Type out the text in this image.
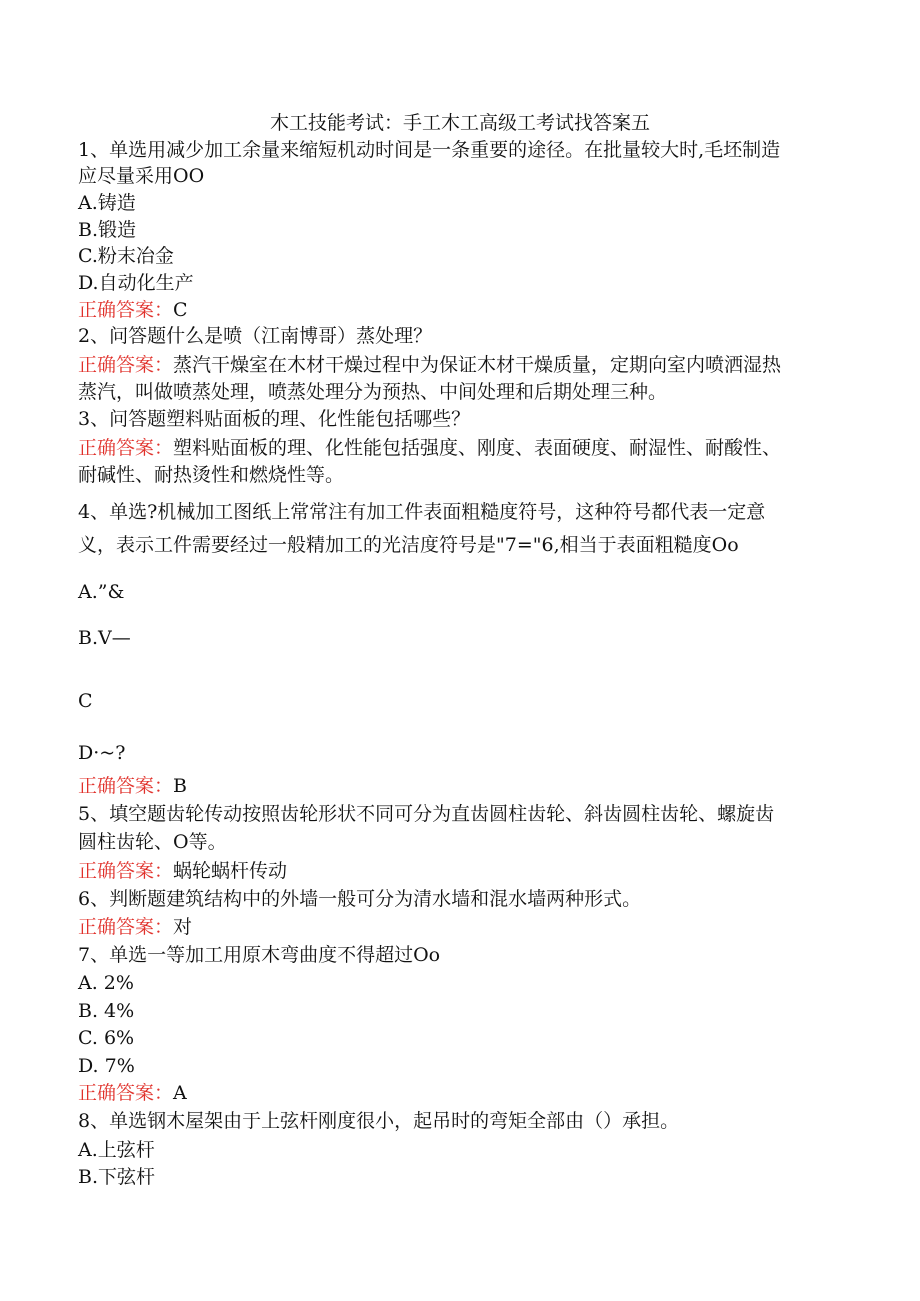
木工技能考试：手工木工高级工考试找答案五
1、单选用减少加工余量来缩短机动时间是一条重要的途径。在批量较大时,毛坯制造
应尽量采用OO
A.铸造
B.锻造
C.粉末冶金
D.自动化生产
正确答案：C
2、问答题什么是喷（江南博哥）蒸处理？
正确答案：蒸汽干燥室在木材干燥过程中为保证木材干燥质量，定期向室内喷洒湿热
蒸汽，叫做喷蒸处理，喷蒸处理分为预热、中间处理和后期处理三种。
3、问答题塑料贴面板的理、化性能包括哪些？
正确答案：塑料贴面板的理、化性能包括强度、刚度、表面硬度、耐湿性、耐酸性、
耐碱性、耐热烫性和燃烧性等。
4、单选?机械加工图纸上常常注有加工件表面粗糙度符号，这种符号都代表一定意
义，表示工件需要经过一般精加工的光洁度符号是"7="6,相当于表面粗糙度Oo
A.”&
B.V—
C
D·~?
正确答案：B
5、填空题齿轮传动按照齿轮形状不同可分为直齿圆柱齿轮、斜齿圆柱齿轮、螺旋齿
圆柱齿轮、O等。
正确答案：蜗轮蜗杆传动
6、判断题建筑结构中的外墙一般可分为清水墙和混水墙两种形式。
正确答案：对
7、单选一等加工用原木弯曲度不得超过Oo
A. 2%
B. 4%
C. 6%
D. 7%
正确答案：A
8、单选钢木屋架由于上弦杆刚度很小，起吊时的弯矩全部由（）承担。
A.上弦杆
B.下弦杆
